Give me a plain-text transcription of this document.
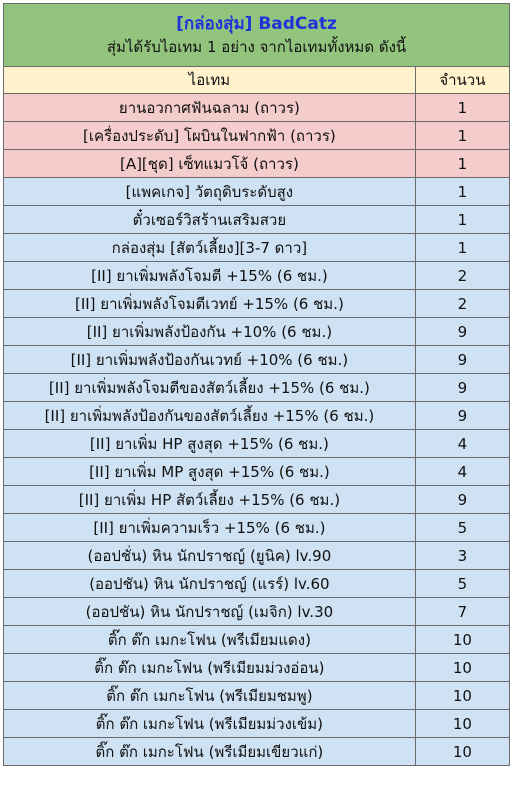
[กล่องสุ่ม] BadCatz
สุ่มได้รับไอเทม 1 อย่าง จากไอเทมทั้งหมด ดังนี้	

ไอเทม	จำนวน
ยานอวกาศฟันฉลาม (ถาวร)	1
[เครื่องประดับ] โผบินในฟากฟ้า (ถาวร)	1
[A][ชุด] เซ็ทแมวโจ้ (ถาวร)	1
[แพคเกจ] วัตถุดิบระดับสูง	1
ตั๋วเซอร์วิสร้านเสริมสวย	1
กล่องสุ่ม [สัตว์เลี้ยง][3-7 ดาว]	1
[II] ยาเพิ่มพลังโจมตี +15% (6 ชม.)	2
[II] ยาเพิ่มพลังโจมตีเวทย์ +15% (6 ชม.)	2
[II] ยาเพิ่มพลังป้องกัน +10% (6 ชม.)	9
[II] ยาเพิ่มพลังป้องกันเวทย์ +10% (6 ชม.)	9
[II] ยาเพิ่มพลังโจมตีของสัตว์เลี้ยง +15% (6 ชม.)	9
[II] ยาเพิ่มพลังป้องกันของสัตว์เลี้ยง +15% (6 ชม.)	9
[II] ยาเพิ่ม HP สูงสุด +15% (6 ชม.)	4
[II] ยาเพิ่ม MP สูงสุด +15% (6 ชม.)	4
[II] ยาเพิ่ม HP สัตว์เลี้ยง +15% (6 ชม.)	9
[II] ยาเพิ่มความเร็ว +15% (6 ชม.)	5
(ออปชั่น) หิน นักปราชญ์ (ยูนิค) lv.90	3
(ออปชัน) หิน นักปราชญ์ (แรร์) lv.60	5
(ออปชัน) หิน นักปราชญ์ (เมจิก) lv.30	7
ติ๊ก ต๊ก เมกะโฟน (พรีเมียมแดง)	10
ติ๊ก ต๊ก เมกะโฟน (พรีเมียมม่วงอ่อน)	10
ติ๊ก ต๊ก เมกะโฟน (พรีเมียมชมพู)	10
ติ๊ก ต๊ก เมกะโฟน (พรีเมียมม่วงเข้ม)	10
ติ๊ก ต๊ก เมกะโฟน (พรีเมียมเขียวแก่)	10
